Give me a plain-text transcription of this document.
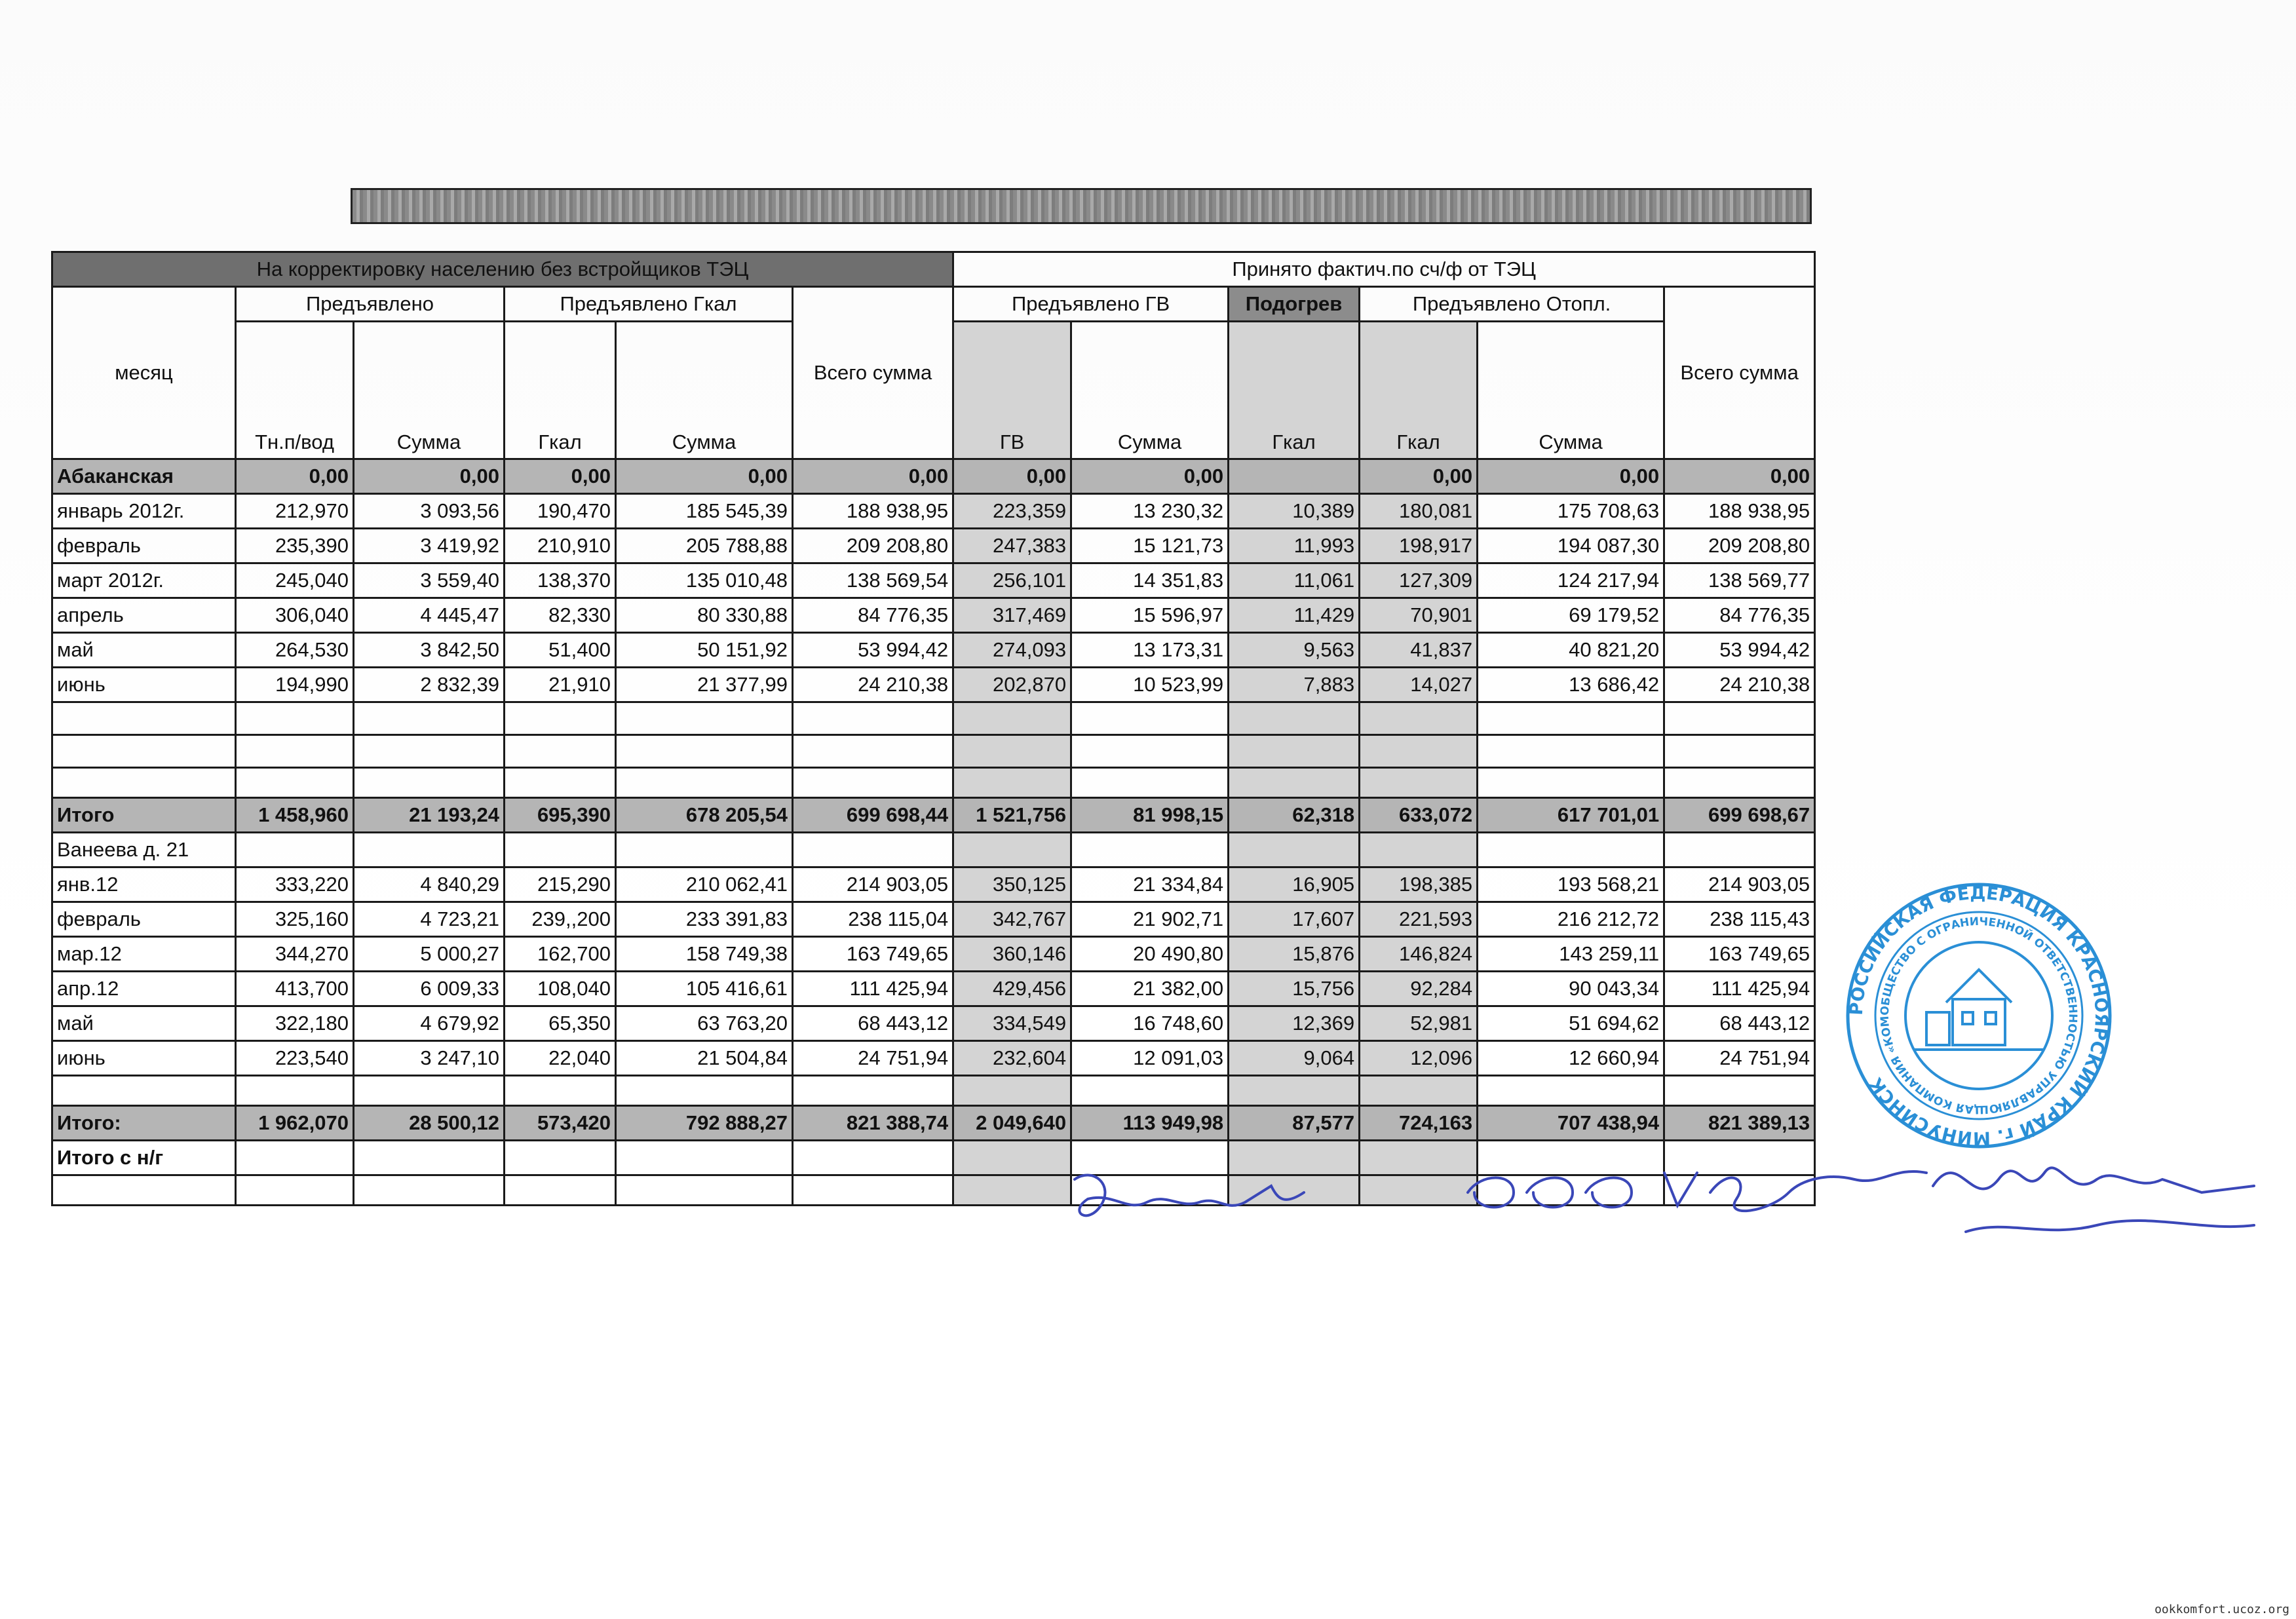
На корректировку населению без встройщиков ТЭЦ						Принято фактич.по сч/ф от ТЭЦ					
месяц	Предъявлено		Предъявлено Гкал		Всего сумма	Предъявлено ГВ		Подогрев	Предъявлено Отопл.		Всего сумма
	Тн.п/вод	Сумма	Гкал	Сумма		ГВ	Сумма	Гкал	Гкал	Сумма	
Абаканская	0,00	0,00	0,00	0,00	0,00	0,00	0,00		0,00	0,00	0,00
январь 2012г.	212,970	3 093,56	190,470	185 545,39	188 938,95	223,359	13 230,32	10,389	180,081	175 708,63	188 938,95
февраль	235,390	3 419,92	210,910	205 788,88	209 208,80	247,383	15 121,73	11,993	198,917	194 087,30	209 208,80
март 2012г.	245,040	3 559,40	138,370	135 010,48	138 569,54	256,101	14 351,83	11,061	127,309	124 217,94	138 569,77
апрель	306,040	4 445,47	82,330	80 330,88	84 776,35	317,469	15 596,97	11,429	70,901	69 179,52	84 776,35
май	264,530	3 842,50	51,400	50 151,92	53 994,42	274,093	13 173,31	9,563	41,837	40 821,20	53 994,42
июнь	194,990	2 832,39	21,910	21 377,99	24 210,38	202,870	10 523,99	7,883	14,027	13 686,42	24 210,38

Итого	1 458,960	21 193,24	695,390	678 205,54	699 698,44	1 521,756	81 998,15	62,318	633,072	617 701,01	699 698,67
Ванеева д. 21											
янв.12	333,220	4 840,29	215,290	210 062,41	214 903,05	350,125	21 334,84	16,905	198,385	193 568,21	214 903,05
февраль	325,160	4 723,21	239,,200	233 391,83	238 115,04	342,767	21 902,71	17,607	221,593	216 212,72	238 115,43
мар.12	344,270	5 000,27	162,700	158 749,38	163 749,65	360,146	20 490,80	15,876	146,824	143 259,11	163 749,65
апр.12	413,700	6 009,33	108,040	105 416,61	111 425,94	429,456	21 382,00	15,756	92,284	90 043,34	111 425,94
май	322,180	4 679,92	65,350	63 763,20	68 443,12	334,549	16 748,60	12,369	52,981	51 694,62	68 443,12
июнь	223,540	3 247,10	22,040	21 504,84	24 751,94	232,604	12 091,03	9,064	12,096	12 660,94	24 751,94

Итого:	1 962,070	28 500,12	573,420	792 888,27	821 388,74	2 049,640	113 949,98	87,577	724,163	707 438,94	821 389,13
Итого с н/г											

РОССИЙСКАЯ ФЕДЕРАЦИЯ КРАСНОЯРСКИЙ КРАЙ г. МИНУСИНСК
ОБЩЕСТВО С ОГРАНИЧЕННОЙ ОТВЕТСТВЕННОСТЬЮ УПРАВЛЯЮЩАЯ КОМПАНИЯ «КОМ
ookkomfort.ucoz.org
